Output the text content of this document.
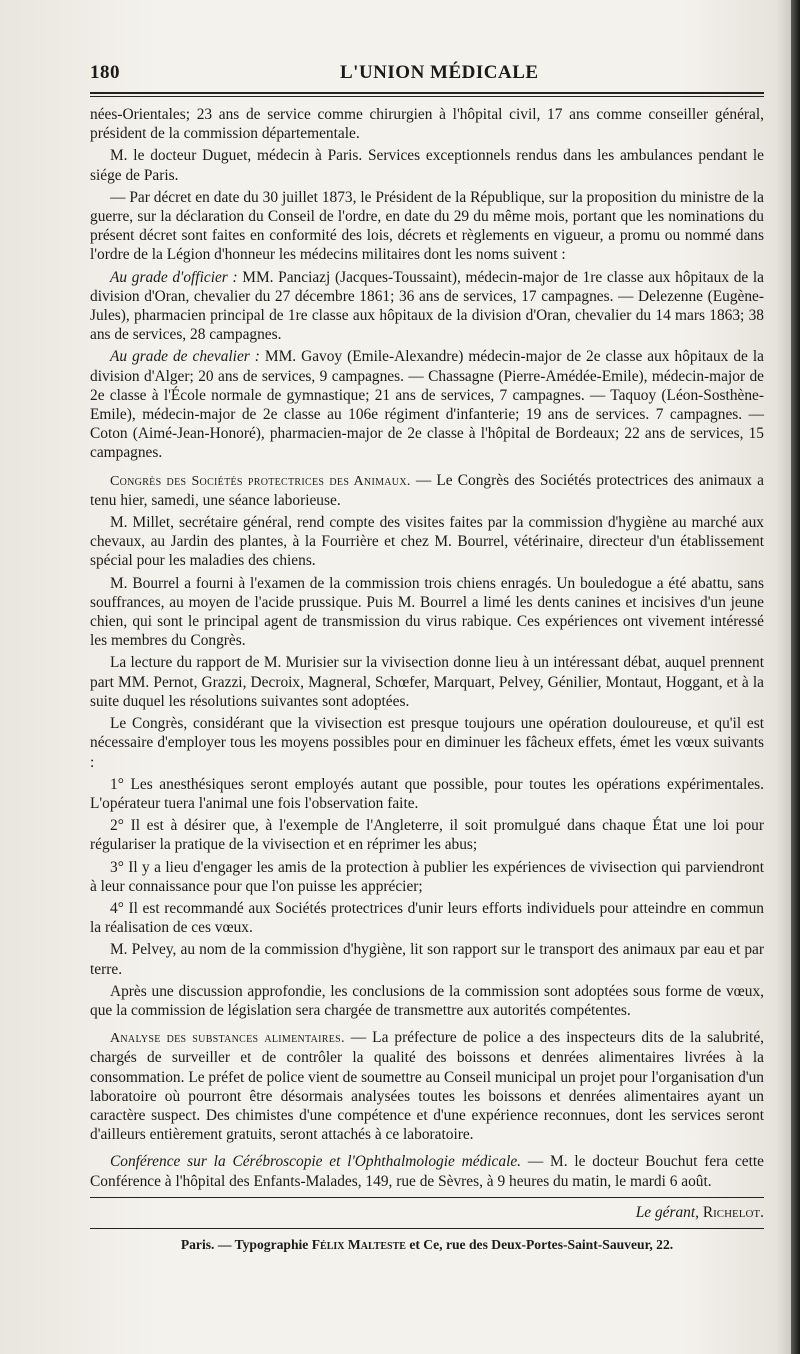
180	L'UNION MÉDICALE

nées-Orientales; 23 ans de service comme chirurgien à l'hôpital civil, 17 ans comme conseiller général, président de la commission départementale.

M. le docteur Duguet, médecin à Paris. Services exceptionnels rendus dans les ambulances pendant le siége de Paris.

— Par décret en date du 30 juillet 1873, le Président de la République, sur la proposition du ministre de la guerre, sur la déclaration du Conseil de l'ordre, en date du 29 du même mois, portant que les nominations du présent décret sont faites en conformité des lois, décrets et règlements en vigueur, a promu ou nommé dans l'ordre de la Légion d'honneur les médecins militaires dont les noms suivent :

Au grade d'officier : MM. Panciazj (Jacques-Toussaint), médecin-major de 1re classe aux hôpitaux de la division d'Oran, chevalier du 27 décembre 1861; 36 ans de services, 17 campagnes. — Delezenne (Eugène-Jules), pharmacien principal de 1re classe aux hôpitaux de la division d'Oran, chevalier du 14 mars 1863; 38 ans de services, 28 campagnes.

Au grade de chevalier : MM. Gavoy (Emile-Alexandre) médecin-major de 2e classe aux hôpitaux de la division d'Alger; 20 ans de services, 9 campagnes. — Chassagne (Pierre-Amédée-Emile), médecin-major de 2e classe à l'École normale de gymnastique; 21 ans de services, 7 campagnes. — Taquoy (Léon-Sosthène-Emile), médecin-major de 2e classe au 106e régiment d'infanterie; 19 ans de services. 7 campagnes. — Coton (Aimé-Jean-Honoré), pharmacien-major de 2e classe à l'hôpital de Bordeaux; 22 ans de services, 15 campagnes.

Congrès des Sociétés protectrices des Animaux. — Le Congrès des Sociétés protectrices des animaux a tenu hier, samedi, une séance laborieuse.

M. Millet, secrétaire général, rend compte des visites faites par la commission d'hygiène au marché aux chevaux, au Jardin des plantes, à la Fourrière et chez M. Bourrel, vétérinaire, directeur d'un établissement spécial pour les maladies des chiens.

M. Bourrel a fourni à l'examen de la commission trois chiens enragés. Un bouledogue a été abattu, sans souffrances, au moyen de l'acide prussique. Puis M. Bourrel a limé les dents canines et incisives d'un jeune chien, qui sont le principal agent de transmission du virus rabique. Ces expériences ont vivement intéressé les membres du Congrès.

La lecture du rapport de M. Murisier sur la vivisection donne lieu à un intéressant débat, auquel prennent part MM. Pernot, Grazzi, Decroix, Magneral, Schœfer, Marquart, Pelvey, Génilier, Montaut, Hoggant, et à la suite duquel les résolutions suivantes sont adoptées.

Le Congrès, considérant que la vivisection est presque toujours une opération douloureuse, et qu'il est nécessaire d'employer tous les moyens possibles pour en diminuer les fâcheux effets, émet les vœux suivants :

1° Les anesthésiques seront employés autant que possible, pour toutes les opérations expérimentales. L'opérateur tuera l'animal une fois l'observation faite.

2° Il est à désirer que, à l'exemple de l'Angleterre, il soit promulgué dans chaque État une loi pour régulariser la pratique de la vivisection et en réprimer les abus;

3° Il y a lieu d'engager les amis de la protection à publier les expériences de vivisection qui parviendront à leur connaissance pour que l'on puisse les apprécier;

4° Il est recommandé aux Sociétés protectrices d'unir leurs efforts individuels pour atteindre en commun la réalisation de ces vœux.

M. Pelvey, au nom de la commission d'hygiène, lit son rapport sur le transport des animaux par eau et par terre.

Après une discussion approfondie, les conclusions de la commission sont adoptées sous forme de vœux, que la commission de législation sera chargée de transmettre aux autorités compétentes.

Analyse des substances alimentaires. — La préfecture de police a des inspecteurs dits de la salubrité, chargés de surveiller et de contrôler la qualité des boissons et denrées alimentaires livrées à la consommation. Le préfet de police vient de soumettre au Conseil municipal un projet pour l'organisation d'un laboratoire où pourront être désormais analysées toutes les boissons et denrées alimentaires ayant un caractère suspect. Des chimistes d'une compétence et d'une expérience reconnues, dont les services seront d'ailleurs entièrement gratuits, seront attachés à ce laboratoire.

Conférence sur la Cérébroscopie et l'Ophthalmologie médicale. — M. le docteur Bouchut fera cette Conférence à l'hôpital des Enfants-Malades, 149, rue de Sèvres, à 9 heures du matin, le mardi 6 août.

Le gérant, Richelot.
Paris. — Typographie Félix Malteste et Ce, rue des Deux-Portes-Saint-Sauveur, 22.
